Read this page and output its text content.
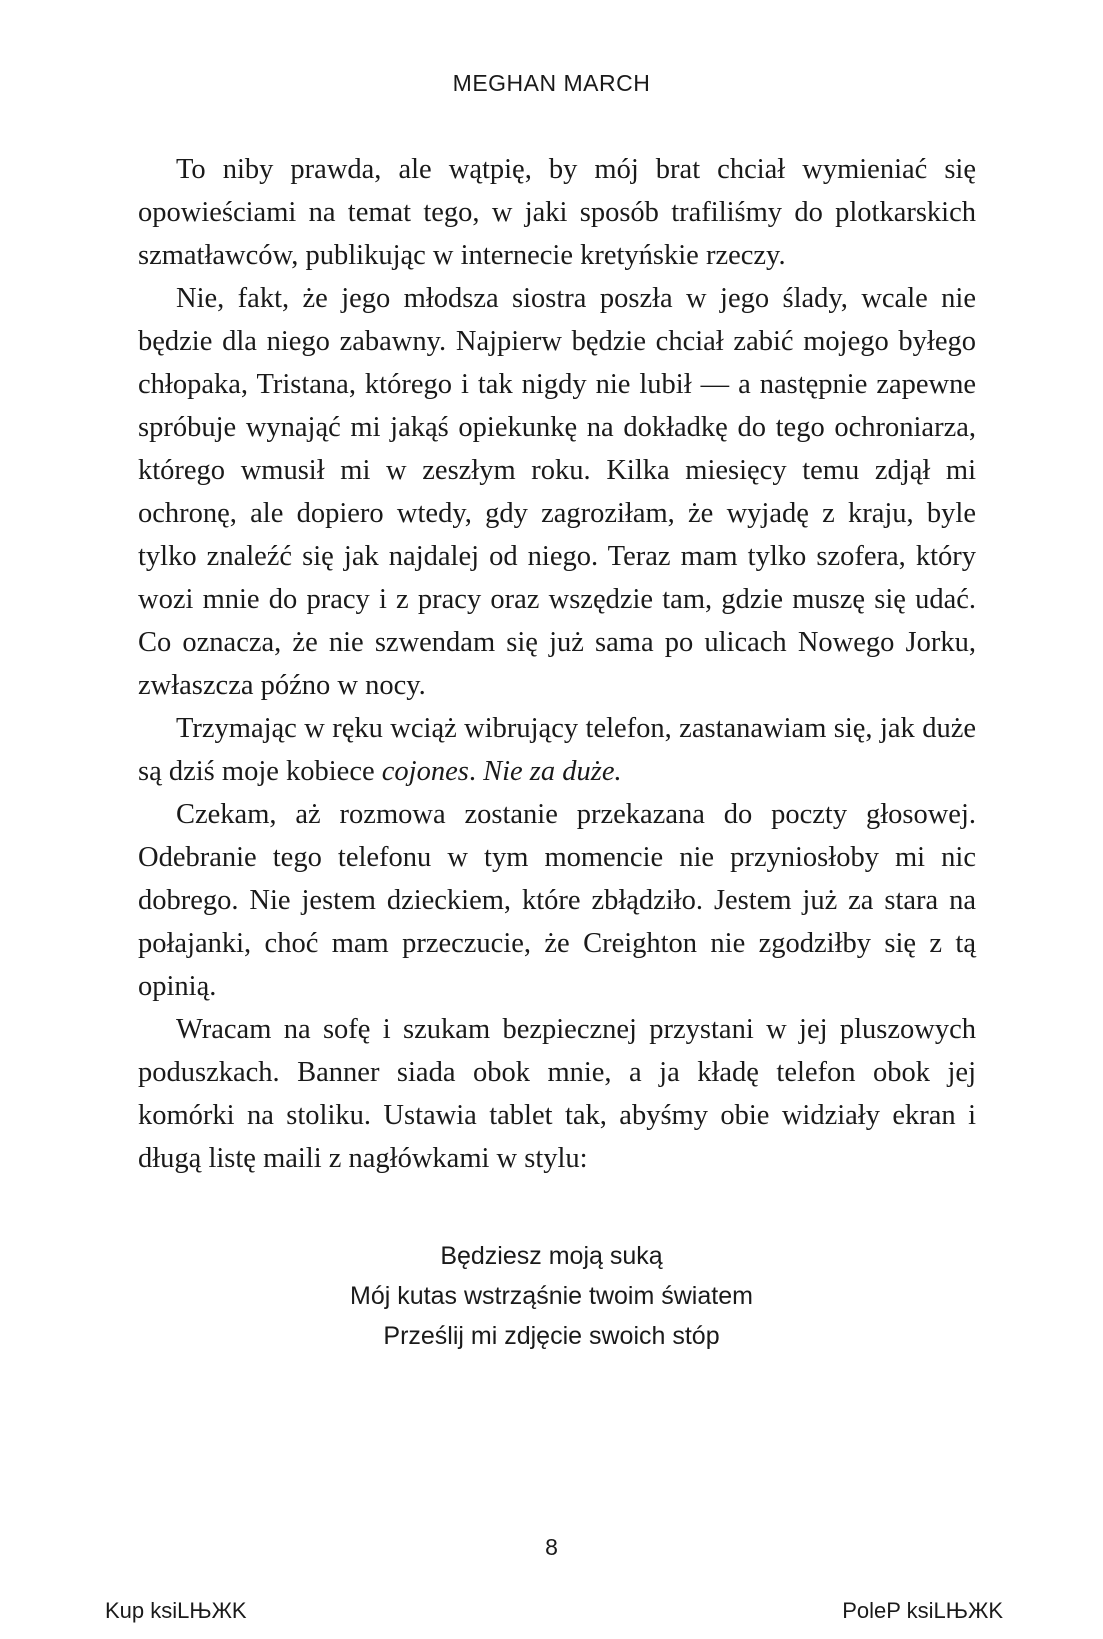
MEGHAN MARCH

To niby prawda, ale wątpię, by mój brat chciał wymieniać się opowieściami na temat tego, w jaki sposób trafiliśmy do plotkarskich szmatławców, publikując w internecie kretyńskie rzeczy.

Nie, fakt, że jego młodsza siostra poszła w jego ślady, wcale nie będzie dla niego zabawny. Najpierw będzie chciał zabić mojego byłego chłopaka, Tristana, którego i tak nigdy nie lubił — a następnie zapewne spróbuje wynająć mi jakąś opiekunkę na dokładkę do tego ochroniarza, którego wmusił mi w zeszłym roku. Kilka miesięcy temu zdjął mi ochronę, ale dopiero wtedy, gdy zagroziłam, że wyjadę z kraju, byle tylko znaleźć się jak najdalej od niego. Teraz mam tylko szofera, który wozi mnie do pracy i z pracy oraz wszędzie tam, gdzie muszę się udać. Co oznacza, że nie szwendam się już sama po ulicach Nowego Jorku, zwłaszcza późno w nocy.

Trzymając w ręku wciąż wibrujący telefon, zastanawiam się, jak duże są dziś moje kobiece cojones. Nie za duże.

Czekam, aż rozmowa zostanie przekazana do poczty głosowej. Odebranie tego telefonu w tym momencie nie przyniosłoby mi nic dobrego. Nie jestem dzieckiem, które zbłądziło. Jestem już za stara na połajanki, choć mam przeczucie, że Creighton nie zgodziłby się z tą opinią.

Wracam na sofę i szukam bezpiecznej przystani w jej pluszowych poduszkach. Banner siada obok mnie, a ja kładę telefon obok jej komórki na stoliku. Ustawia tablet tak, abyśmy obie widziały ekran i długą listę maili z nagłówkami w stylu:

Będziesz moją suką
Mój kutas wstrząśnie twoim światem
Prześlij mi zdjęcie swoich stóp
8
Kup ksiLЊЖK	PoleP ksiLЊЖK
